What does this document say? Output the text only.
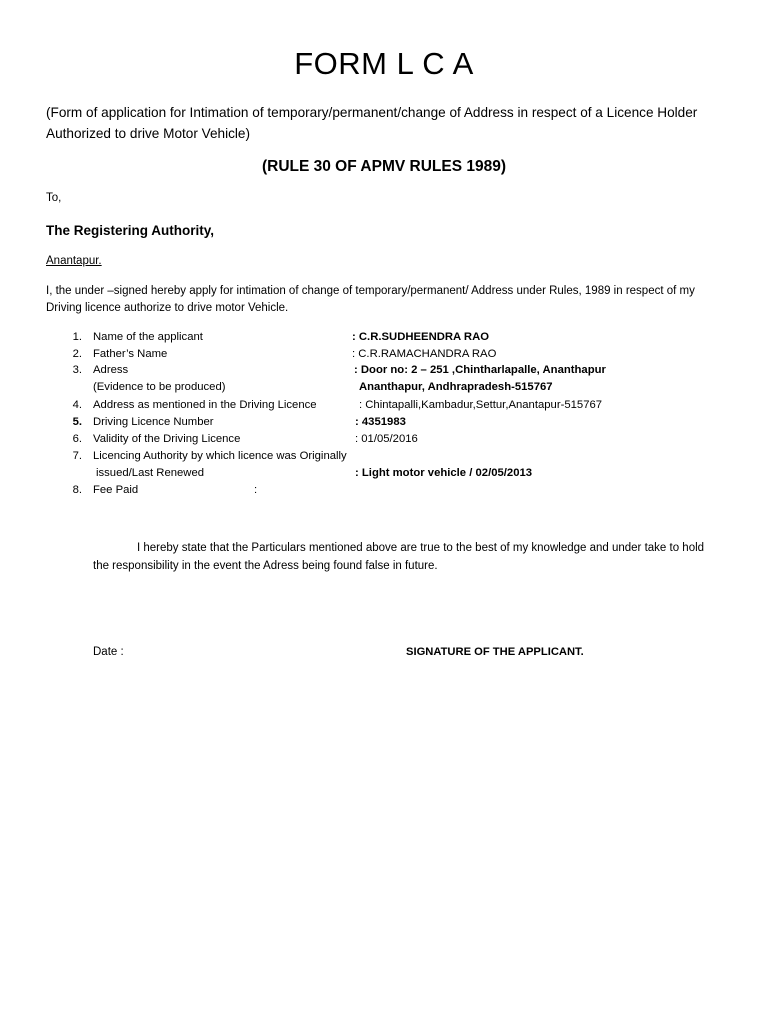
FORM L C A
(Form of application for Intimation of temporary/permanent/change of Address in respect of a Licence Holder Authorized to drive Motor Vehicle)
(RULE 30 OF APMV RULES 1989)
To,
The Registering Authority,
Anantapur.
I, the under –signed hereby apply for intimation of change of temporary/permanent/ Address under Rules, 1989 in respect of my Driving licence authorize to drive motor Vehicle.
1. Name of the applicant	: C.R.SUDHEENDRA RAO
2. Father’s Name	: C.R.RAMACHANDRA RAO
3. Adress	: Door no: 2 – 251 ,Chintharlapalle, Ananthapur
(Evidence to be produced)	Ananthapur, Andhrapradesh-515767
4. Address as mentioned in the Driving Licence	: Chintapalli,Kambadur,Settur,Anantapur-515767
5. Driving Licence Number	: 4351983
6. Validity of the Driving Licence	: 01/05/2016
7. Licencing Authority by which licence was Originally
issued/Last Renewed	: Light motor vehicle / 02/05/2013
8. Fee Paid	:
I hereby state that the Particulars mentioned above are true to the best of my knowledge and under take to hold the responsibility in the event the Adress being found false in future.
Date :	SIGNATURE OF THE APPLICANT.
